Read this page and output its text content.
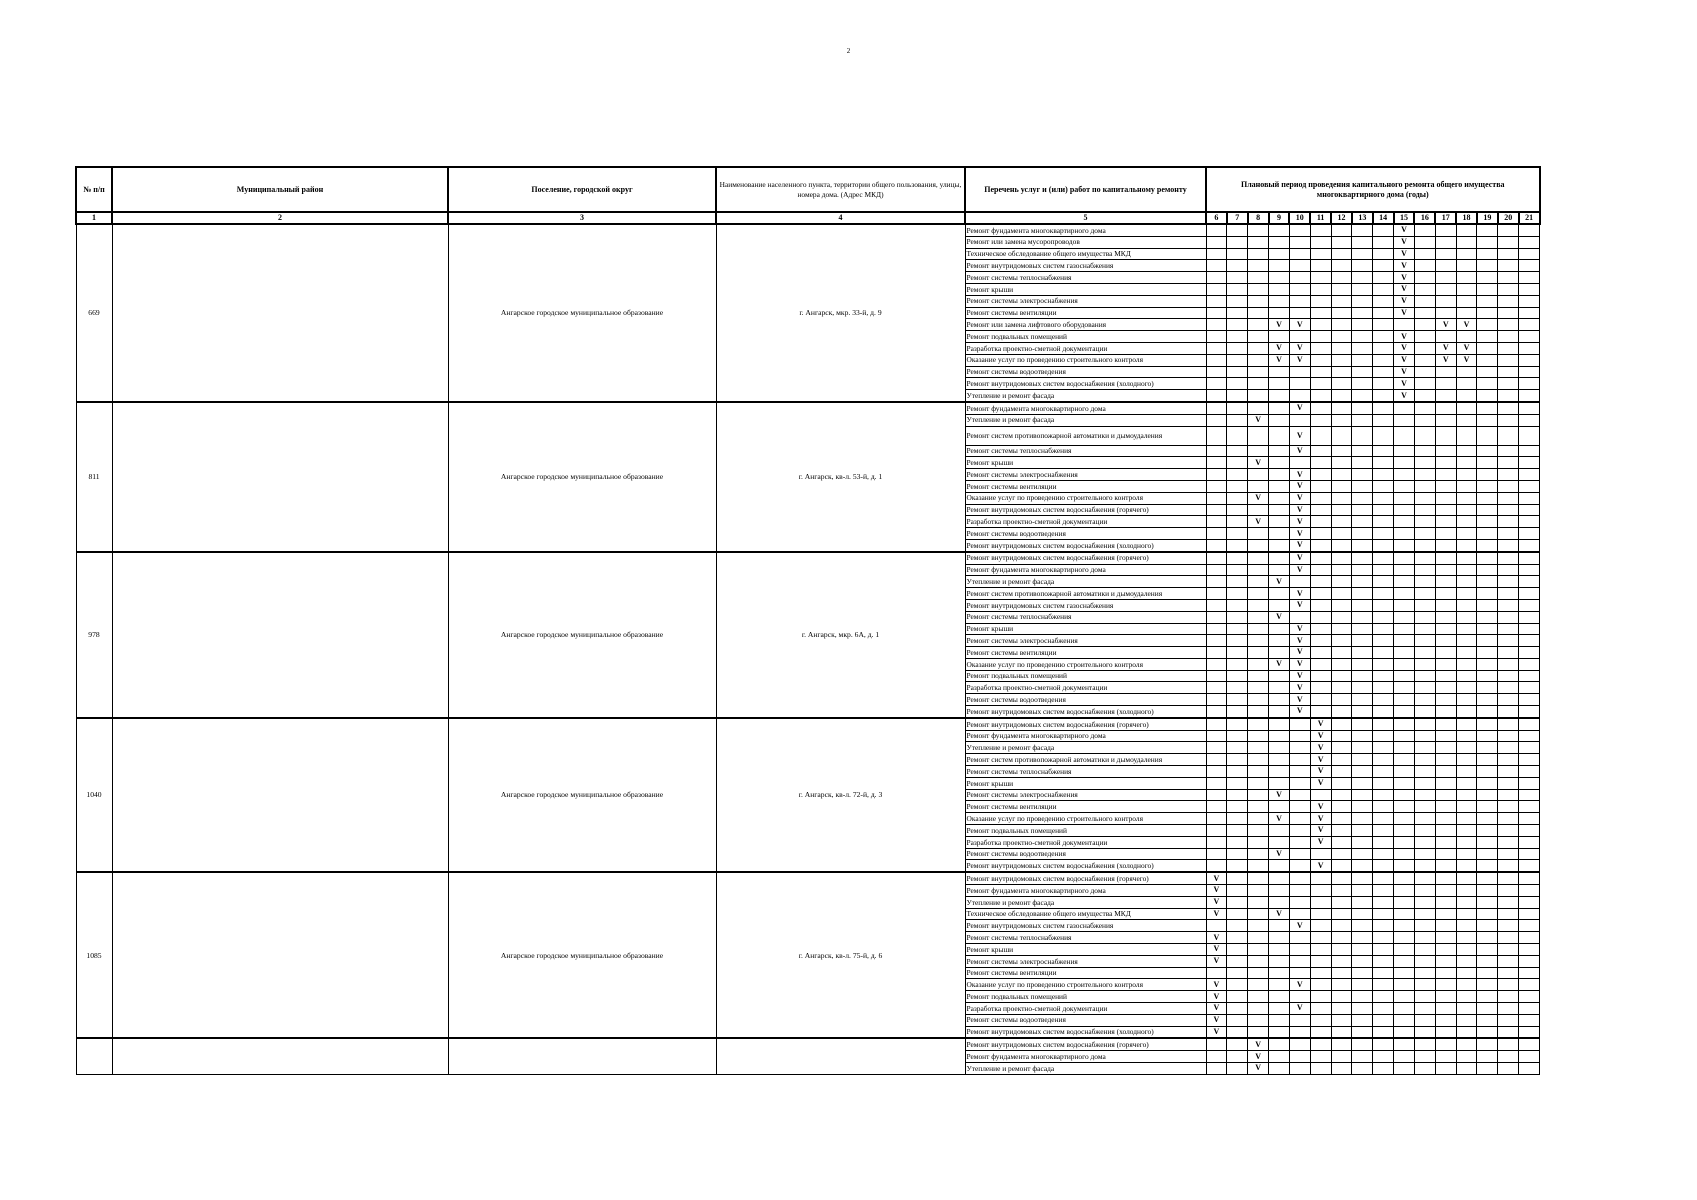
2
№ п/п	Муниципальный район	Поселение, городской округ	Наименование населенного пункта, территории общего пользования, улицы, номера дома. (Адрес МКД)	Перечень услуг и (или) работ по капитальному ремонту	Плановый период проведения капитального ремонта общего имущества многоквартирного дома (годы)															
1	2	3	4	5	6	7	8	9	10	11	12	13	14	15	16	17	18	19	20	21
669		Ангарское городское муниципальное образование	г. Ангарск, мкр. 33-й, д. 9	Ремонт фундамента многоквартирного дома										V						
				Ремонт или замена мусоропроводов										V						
				Техническое обследование общего имущества МКД										V						
				Ремонт внутридомовых систем газоснабжения										V						
				Ремонт системы теплоснабжения										V						
				Ремонт крыши										V						
				Ремонт системы электроснабжения										V						
				Ремонт системы вентиляции										V						
				Ремонт или замена лифтового оборудования				V	V							V	V			
				Ремонт подвальных помещений										V						
				Разработка проектно-сметной документации				V	V					V		V	V			
				Оказание услуг по проведению строительного контроля				V	V					V		V	V			
				Ремонт системы водоотведения										V						
				Ремонт внутридомовых систем водоснабжения (холодного)										V						
				Утепление и ремонт фасада										V						
811		Ангарское городское муниципальное образование	г. Ангарск, кв-л. 53-й, д. 1	Ремонт фундамента многоквартирного дома					V											
				Утепление и ремонт фасада			V													
				Ремонт систем противопожарной автоматики и дымоудаления					V											
				Ремонт системы теплоснабжения					V											
				Ремонт крыши			V													
				Ремонт системы электроснабжения					V											
				Ремонт системы вентиляции					V											
				Оказание услуг по проведению строительного контроля			V		V											
				Ремонт внутридомовых систем водоснабжения (горячего)					V											
				Разработка проектно-сметной документации			V		V											
				Ремонт системы водоотведения					V											
				Ремонт внутридомовых систем водоснабжения (холодного)					V											
978		Ангарское городское муниципальное образование	г. Ангарск, мкр. 6А, д. 1	Ремонт внутридомовых систем водоснабжения (горячего)					V											
				Ремонт фундамента многоквартирного дома					V											
				Утепление и ремонт фасада				V												
				Ремонт систем противопожарной автоматики и дымоудаления					V											
				Ремонт внутридомовых систем газоснабжения					V											
				Ремонт системы теплоснабжения				V												
				Ремонт крыши					V											
				Ремонт системы электроснабжения					V											
				Ремонт системы вентиляции					V											
				Оказание услуг по проведению строительного контроля				V	V											
				Ремонт подвальных помещений					V											
				Разработка проектно-сметной документации					V											
				Ремонт системы водоотведения					V											
				Ремонт внутридомовых систем водоснабжения (холодного)					V											
1040		Ангарское городское муниципальное образование	г. Ангарск, кв-л. 72-й, д. 3	Ремонт внутридомовых систем водоснабжения (горячего)						V										
				Ремонт фундамента многоквартирного дома						V										
				Утепление и ремонт фасада						V										
				Ремонт систем противопожарной автоматики и дымоудаления						V										
				Ремонт системы теплоснабжения						V										
				Ремонт крыши						V										
				Ремонт системы электроснабжения				V												
				Ремонт системы вентиляции						V										
				Оказание услуг по проведению строительного контроля				V		V										
				Ремонт подвальных помещений						V										
				Разработка проектно-сметной документации						V										
				Ремонт системы водоотведения				V												
				Ремонт внутридомовых систем водоснабжения (холодного)						V										
1085		Ангарское городское муниципальное образование	г. Ангарск, кв-л. 75-й, д. 6	Ремонт внутридомовых систем водоснабжения (горячего)	V															
				Ремонт фундамента многоквартирного дома	V															
				Утепление и ремонт фасада	V															
				Техническое обследование общего имущества МКД	V			V												
				Ремонт внутридомовых систем газоснабжения					V											
				Ремонт системы теплоснабжения	V															
				Ремонт крыши	V															
				Ремонт системы электроснабжения	V															
				Ремонт системы вентиляции																
				Оказание услуг по проведению строительного контроля	V				V											
				Ремонт подвальных помещений	V															
				Разработка проектно-сметной документации	V				V											
				Ремонт системы водоотведения	V															
				Ремонт внутридомовых систем водоснабжения (холодного)	V															
				Ремонт внутридомовых систем водоснабжения (горячего)			V													
				Ремонт фундамента многоквартирного дома			V													
				Утепление и ремонт фасада			V													
